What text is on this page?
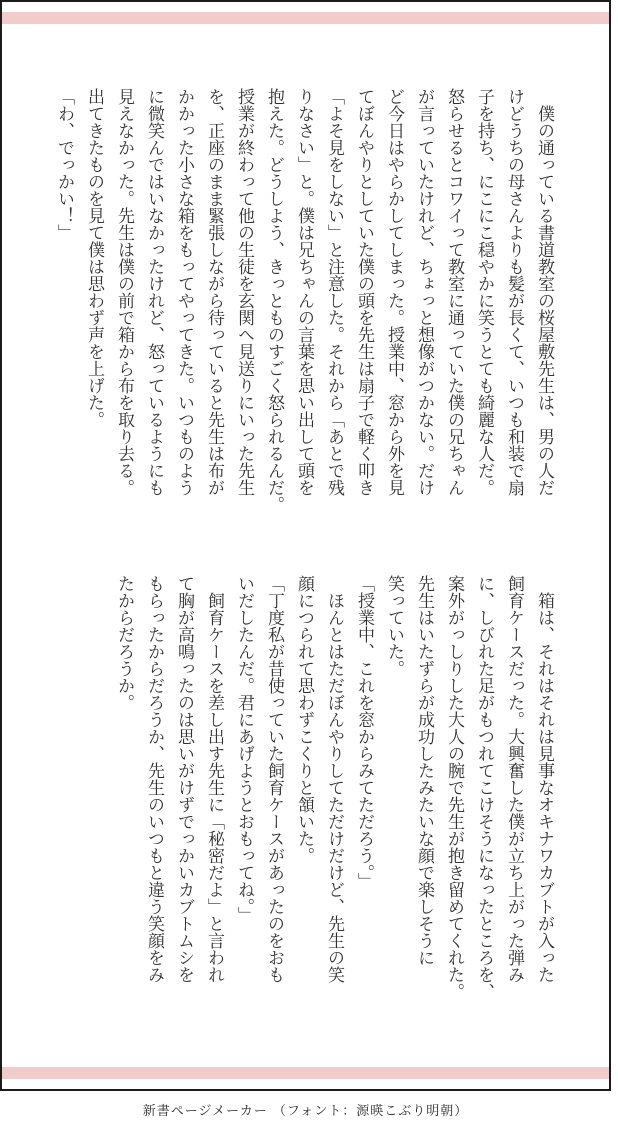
　僕の通っている書道教室の桜屋敷先生は、男の人だ
けどうちの母さんよりも髪が長くて、いつも和装で扇
子を持ち、にこにこ穏やかに笑うとても綺麗な人だ。
怒らせるとコワイって教室に通っていた僕の兄ちゃん
が言っていたけれど、ちょっと想像がつかない。だけ
ど今日はやらかしてしまった。授業中、窓から外を見
てぼんやりとしていた僕の頭を先生は扇子で軽く叩き
「よそ見をしない」と注意した。それから「あとで残
りなさい」と。僕は兄ちゃんの言葉を思い出して頭を
抱えた。どうしよう、きっとものすごく怒られるんだ。
授業が終わって他の生徒を玄関へ見送りにいった先生
を、正座のまま緊張しながら待っていると先生は布が
かかった小さな箱をもってやってきた。いつものよう
に微笑んではいなかったけれど、怒っているようにも
見えなかった。先生は僕の前で箱から布を取り去る。
出てきたものを見て僕は思わず声を上げた。
「わ、でっかい！」
　箱は、それはそれは見事なオキナワカブトが入った
飼育ケースだった。大興奮した僕が立ち上がった弾み
に、しびれた足がもつれてこけそうになったところを、
案外がっしりした大人の腕で先生が抱き留めてくれた。
先生はいたずらが成功したみたいな顔で楽しそうに
笑っていた。
「授業中、これを窓からみてただろう。」
　ほんとはただぼんやりしてただけだけど、先生の笑
顔につられて思わずこくりと頷いた。
「丁度私が昔使っていた飼育ケースがあったのをおも
いだしたんだ。君にあげようとおもってね。」
　飼育ケースを差し出す先生に「秘密だよ」と言われ
て胸が高鳴ったのは思いがけずでっかいカブトムシを
もらったからだろうか、先生のいつもと違う笑顔をみ
たからだろうか。
新書ページメーカー （フォント：源暎こぶり明朝）
